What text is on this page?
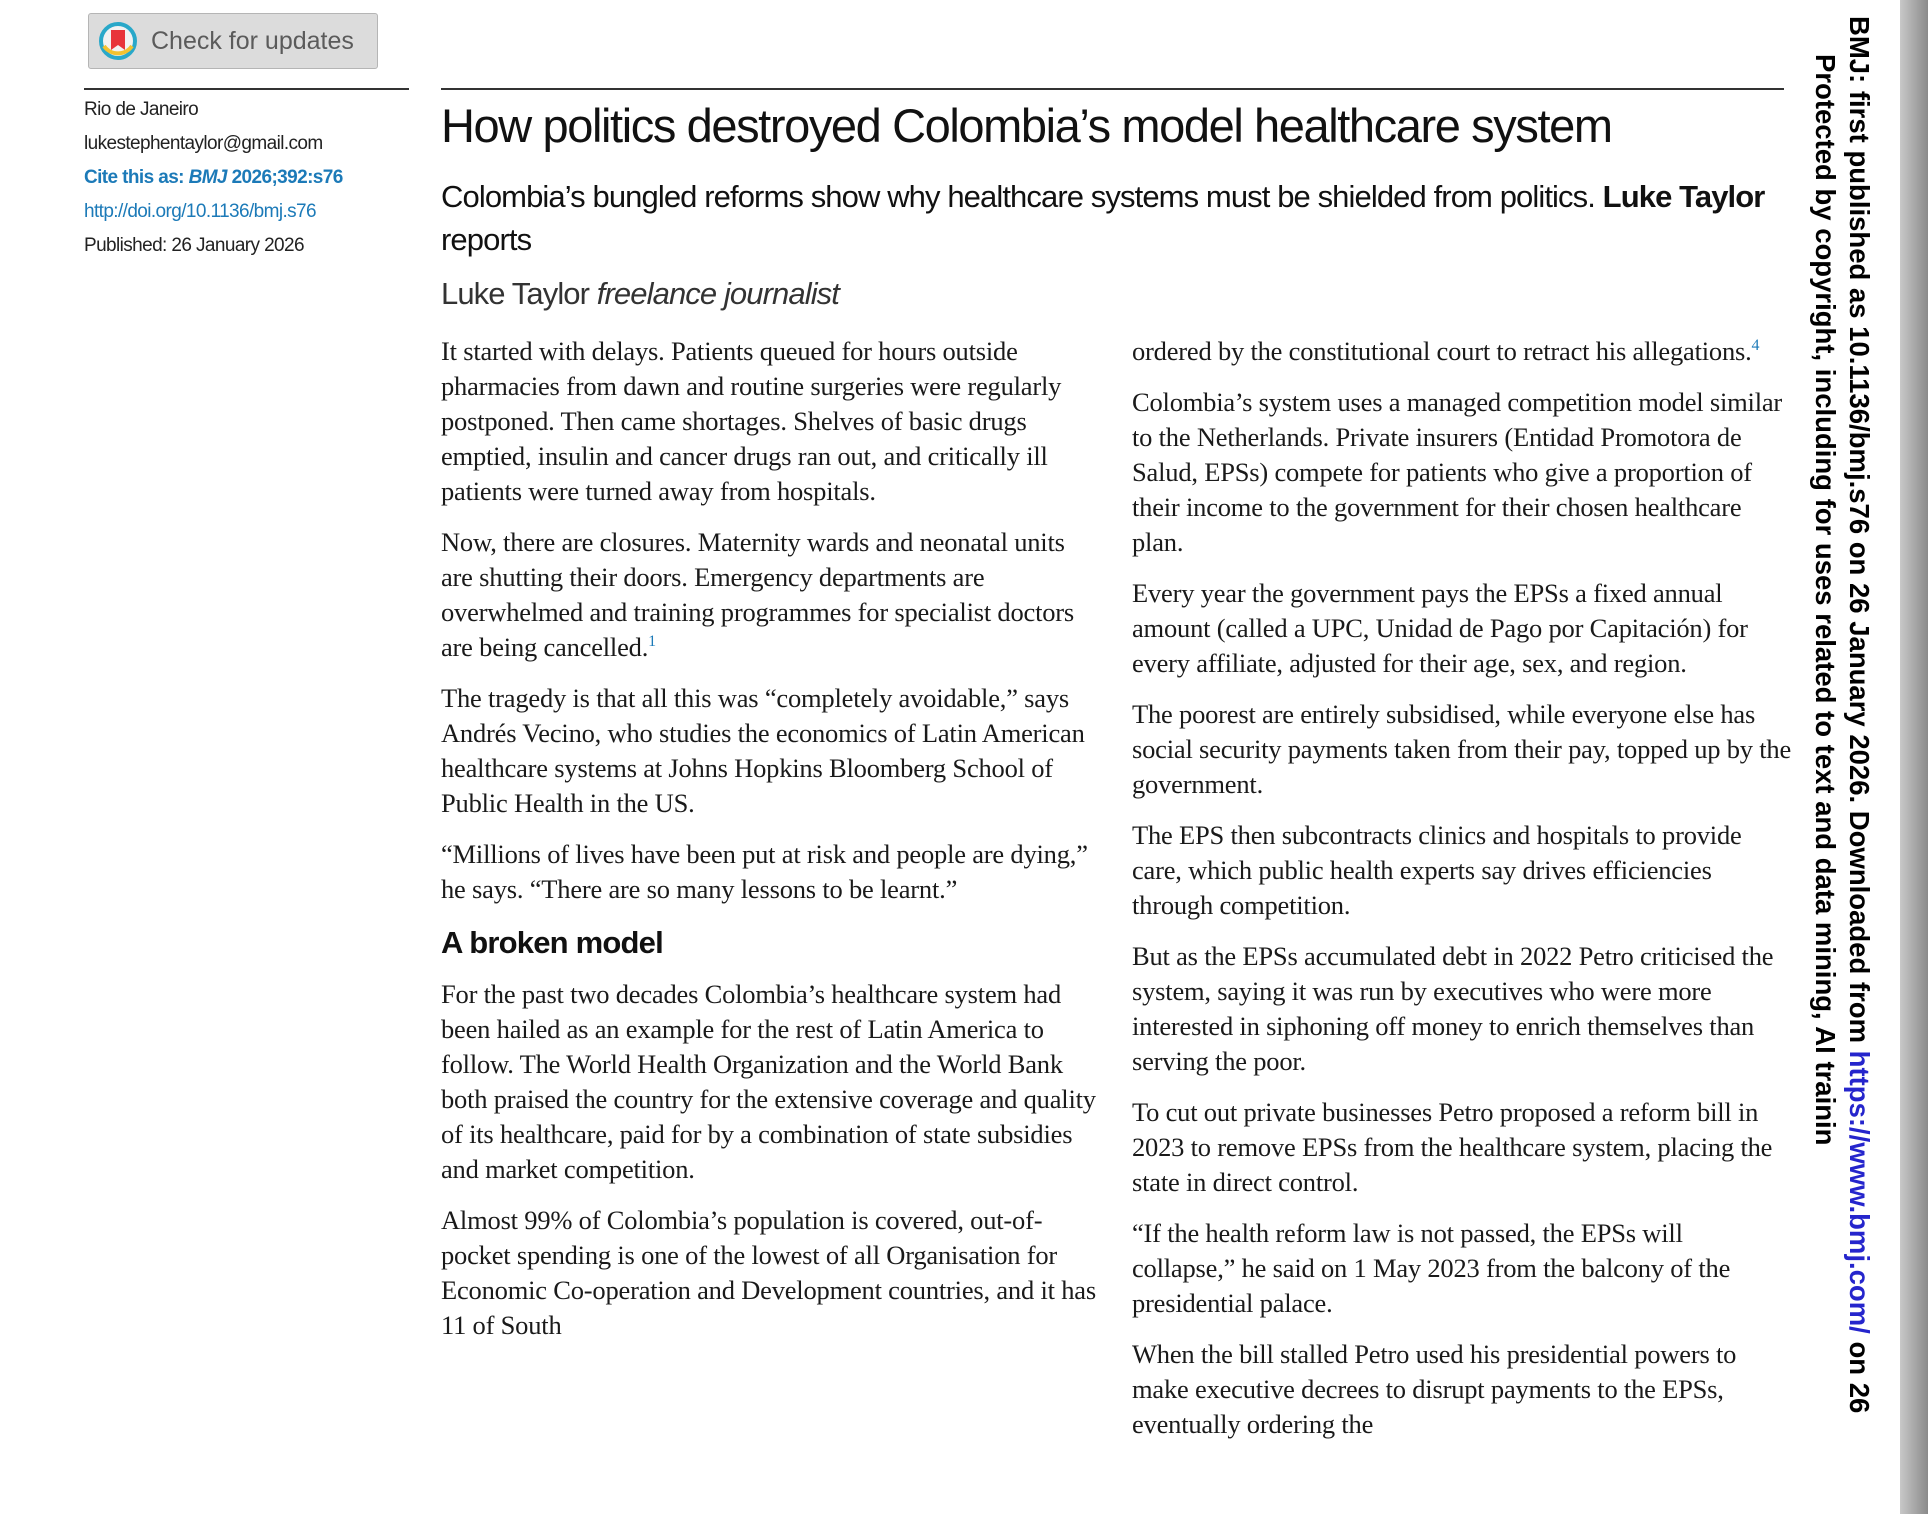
Check for updates
Rio de Janeiro
lukestephentaylor@gmail.com
Cite this as: BMJ 2026;392:s76
http://doi.org/10.1136/bmj.s76
Published: 26 January 2026
How politics destroyed Colombia’s model healthcare system
Colombia’s bungled reforms show why healthcare systems must be shielded from politics. Luke Taylor reports
Luke Taylor freelance journalist

It started with delays. Patients queued for hours outside pharmacies from dawn and routine surgeries were regularly postponed. Then came shortages. Shelves of basic drugs emptied, insulin and cancer drugs ran out, and critically ill patients were turned away from hospitals.

Now, there are closures. Maternity wards and neonatal units are shutting their doors. Emergency departments are overwhelmed and training programmes for specialist doctors are being cancelled.$^1$

The tragedy is that all this was “completely avoidable,” says Andrés Vecino, who studies the economics of Latin American healthcare systems at Johns Hopkins Bloomberg School of Public Health in the US.

“Millions of lives have been put at risk and people are dying,” he says. “There are so many lessons to be learnt.”

A broken model

For the past two decades Colombia’s healthcare system had been hailed as an example for the rest of Latin America to follow. The World Health Organization and the World Bank both praised the country for the extensive coverage and quality of its healthcare, paid for by a combination of state subsidies and market competition.

Almost 99% of Colombia’s population is covered, out-of-pocket spending is one of the lowest of all Organisation for Economic Co-operation and Development countries, and it has 11 of South

ordered by the constitutional court to retract his allegations.$^4$

Colombia’s system uses a managed competition model similar to the Netherlands. Private insurers (Entidad Promotora de Salud, EPSs) compete for patients who give a proportion of their income to the government for their chosen healthcare plan.

Every year the government pays the EPSs a fixed annual amount (called a UPC, Unidad de Pago por Capitación) for every affiliate, adjusted for their age, sex, and region.

The poorest are entirely subsidised, while everyone else has social security payments taken from their pay, topped up by the government.

The EPS then subcontracts clinics and hospitals to provide care, which public health experts say drives efficiencies through competition.

But as the EPSs accumulated debt in 2022 Petro criticised the system, saying it was run by executives who were more interested in siphoning off money to enrich themselves than serving the poor.

To cut out private businesses Petro proposed a reform bill in 2023 to remove EPSs from the healthcare system, placing the state in direct control.

“If the health reform law is not passed, the EPSs will collapse,” he said on 1 May 2023 from the balcony of the presidential palace.

When the bill stalled Petro used his presidential powers to make executive decrees to disrupt payments to the EPSs, eventually ordering the

BMJ: first published as 10.1136/bmj.s76 on 26 January 2026. Downloaded from https://www.bmj.com/ on 26
Protected by copyright, including for uses related to text and data mining, AI trainin
